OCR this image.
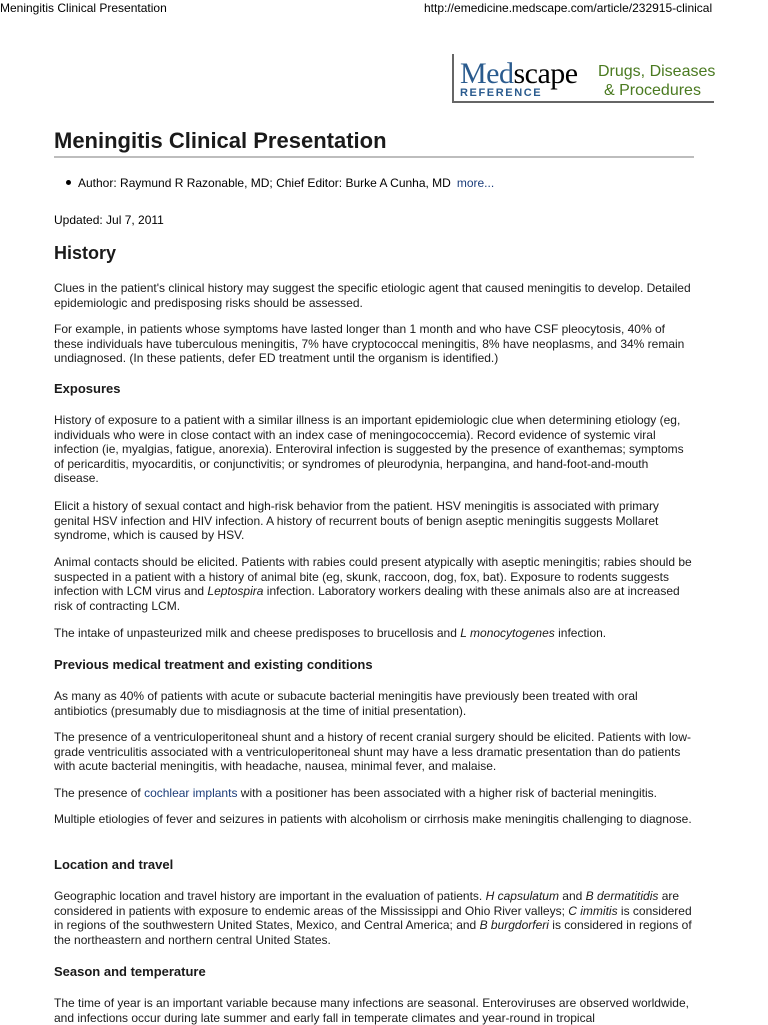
Meningitis Clinical Presentation	http://emedicine.medscape.com/article/232915-clinical
Medscape
REFERENCE
Drugs, Diseases
& Procedures
Meningitis Clinical Presentation
Author: Raymund R Razonable, MD; Chief Editor: Burke A Cunha, MD more...
Updated: Jul 7, 2011
History

Clues in the patient's clinical history may suggest the specific etiologic agent that caused meningitis to develop. Detailed epidemiologic and predisposing risks should be assessed.

For example, in patients whose symptoms have lasted longer than 1 month and who have CSF pleocytosis, 40% of these individuals have tuberculous meningitis, 7% have cryptococcal meningitis, 8% have neoplasms, and 34% remain undiagnosed. (In these patients, defer ED treatment until the organism is identified.)

Exposures

History of exposure to a patient with a similar illness is an important epidemiologic clue when determining etiology (eg, individuals who were in close contact with an index case of meningococcemia). Record evidence of systemic viral infection (ie, myalgias, fatigue, anorexia). Enteroviral infection is suggested by the presence of exanthemas; symptoms of pericarditis, myocarditis, or conjunctivitis; or syndromes of pleurodynia, herpangina, and hand-foot-and-mouth disease.

Elicit a history of sexual contact and high-risk behavior from the patient. HSV meningitis is associated with primary genital HSV infection and HIV infection. A history of recurrent bouts of benign aseptic meningitis suggests Mollaret syndrome, which is caused by HSV.

Animal contacts should be elicited. Patients with rabies could present atypically with aseptic meningitis; rabies should be suspected in a patient with a history of animal bite (eg, skunk, raccoon, dog, fox, bat). Exposure to rodents suggests infection with LCM virus and Leptospira infection. Laboratory workers dealing with these animals also are at increased risk of contracting LCM.

The intake of unpasteurized milk and cheese predisposes to brucellosis and L monocytogenes infection.

Previous medical treatment and existing conditions

As many as 40% of patients with acute or subacute bacterial meningitis have previously been treated with oral antibiotics (presumably due to misdiagnosis at the time of initial presentation).

The presence of a ventriculoperitoneal shunt and a history of recent cranial surgery should be elicited. Patients with low-grade ventriculitis associated with a ventriculoperitoneal shunt may have a less dramatic presentation than do patients with acute bacterial meningitis, with headache, nausea, minimal fever, and malaise.

The presence of cochlear implants with a positioner has been associated with a higher risk of bacterial meningitis.

Multiple etiologies of fever and seizures in patients with alcoholism or cirrhosis make meningitis challenging to diagnose.

Location and travel

Geographic location and travel history are important in the evaluation of patients. H capsulatum and B dermatitidis are considered in patients with exposure to endemic areas of the Mississippi and Ohio River valleys; C immitis is considered in regions of the southwestern United States, Mexico, and Central America; and B burgdorferi is considered in regions of the northeastern and northern central United States.

Season and temperature

The time of year is an important variable because many infections are seasonal. Enteroviruses are observed worldwide, and infections occur during late summer and early fall in temperate climates and year-round in tropical
